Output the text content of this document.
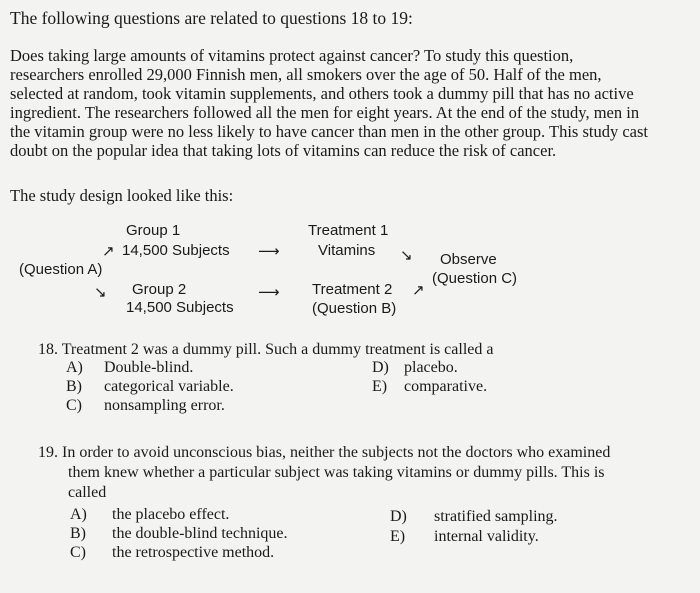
The following questions are related to questions 18 to 19:
Does taking large amounts of vitamins protect against cancer? To study this question,
researchers enrolled 29,000 Finnish men, all smokers over the age of 50. Half of the men,
selected at random, took vitamin supplements, and others took a dummy pill that has no active
ingredient. The researchers followed all the men for eight years. At the end of the study, men in
the vitamin group were no less likely to have cancer than men in the other group. This study cast
doubt on the popular idea that taking lots of vitamins can reduce the risk of cancer.
The study design looked like this:
Group 1
↗ 14,500 Subjects ⟶
(Question A)
↘ Group 2
14,500 Subjects
⟶
Treatment 1
Vitamins ↘ Observe
(Question C)
Treatment 2 ↗
(Question B)
18. Treatment 2 was a dummy pill. Such a dummy treatment is called a
A) Double-blind.
B) categorical variable.
C) nonsampling error.
D) placebo.
E) comparative.
19. In order to avoid unconscious bias, neither the subjects not the doctors who examined
them knew whether a particular subject was taking vitamins or dummy pills. This is
called
A) the placebo effect.
B) the double-blind technique.
C) the retrospective method.
D) stratified sampling.
E) internal validity.
